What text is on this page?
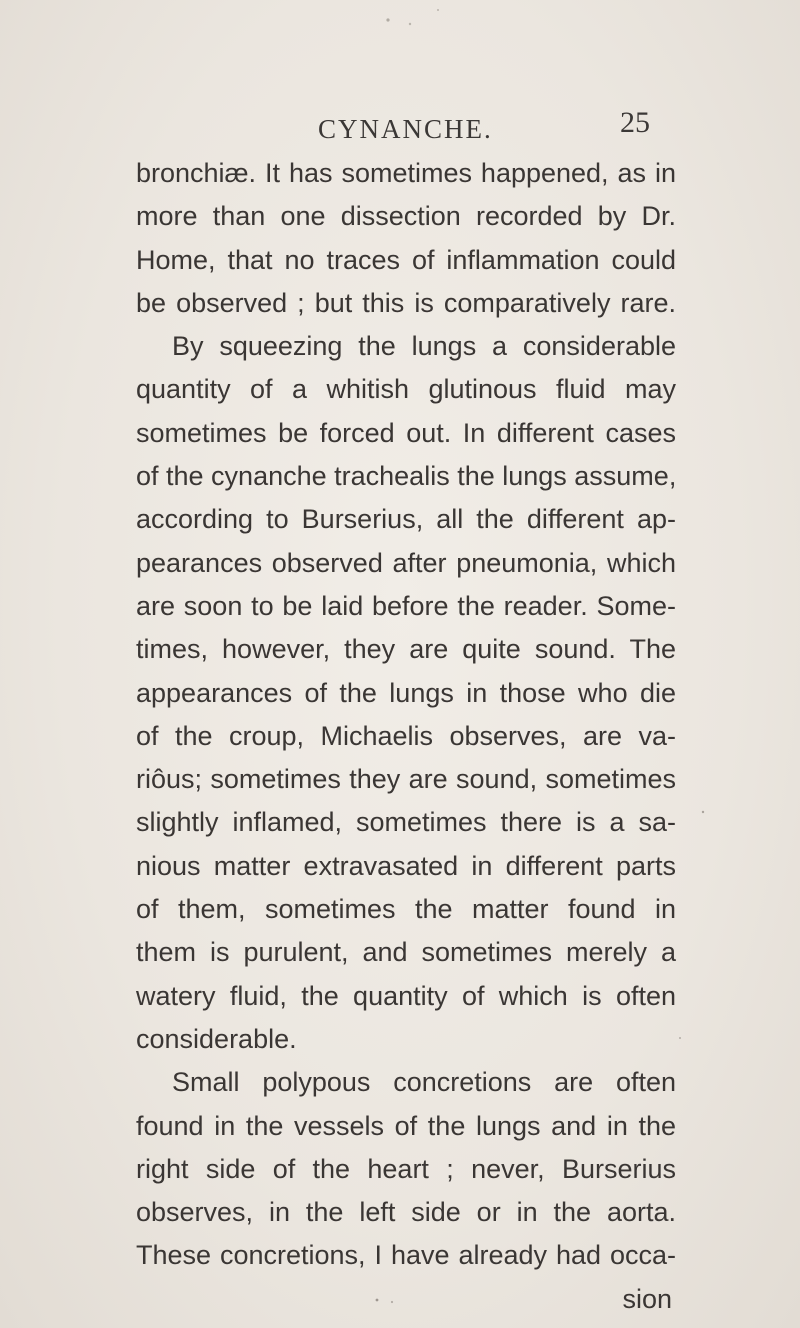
CYNANCHE.	25
bronchiæ. It has sometimes happened, as in
more than one dissection recorded by Dr.
Home, that no traces of inflammation could
be observed ; but this is comparatively rare.
By squeezing the lungs a considerable
quantity of a whitish glutinous fluid may
sometimes be forced out. In different cases
of the cynanche trachealis the lungs assume,
according to Burserius, all the different ap-
pearances observed after pneumonia, which
are soon to be laid before the reader. Some-
times, however, they are quite sound. The
appearances of the lungs in those who die
of the croup, Michaelis observes, are va-
riôus; sometimes they are sound, sometimes
slightly inflamed, sometimes there is a sa-
nious matter extravasated in different parts
of them, sometimes the matter found in
them is purulent, and sometimes merely a
watery fluid, the quantity of which is often
considerable.
Small polypous concretions are often
found in the vessels of the lungs and in the
right side of the heart ; never, Burserius
observes, in the left side or in the aorta.
These concretions, I have already had occa-
sion
